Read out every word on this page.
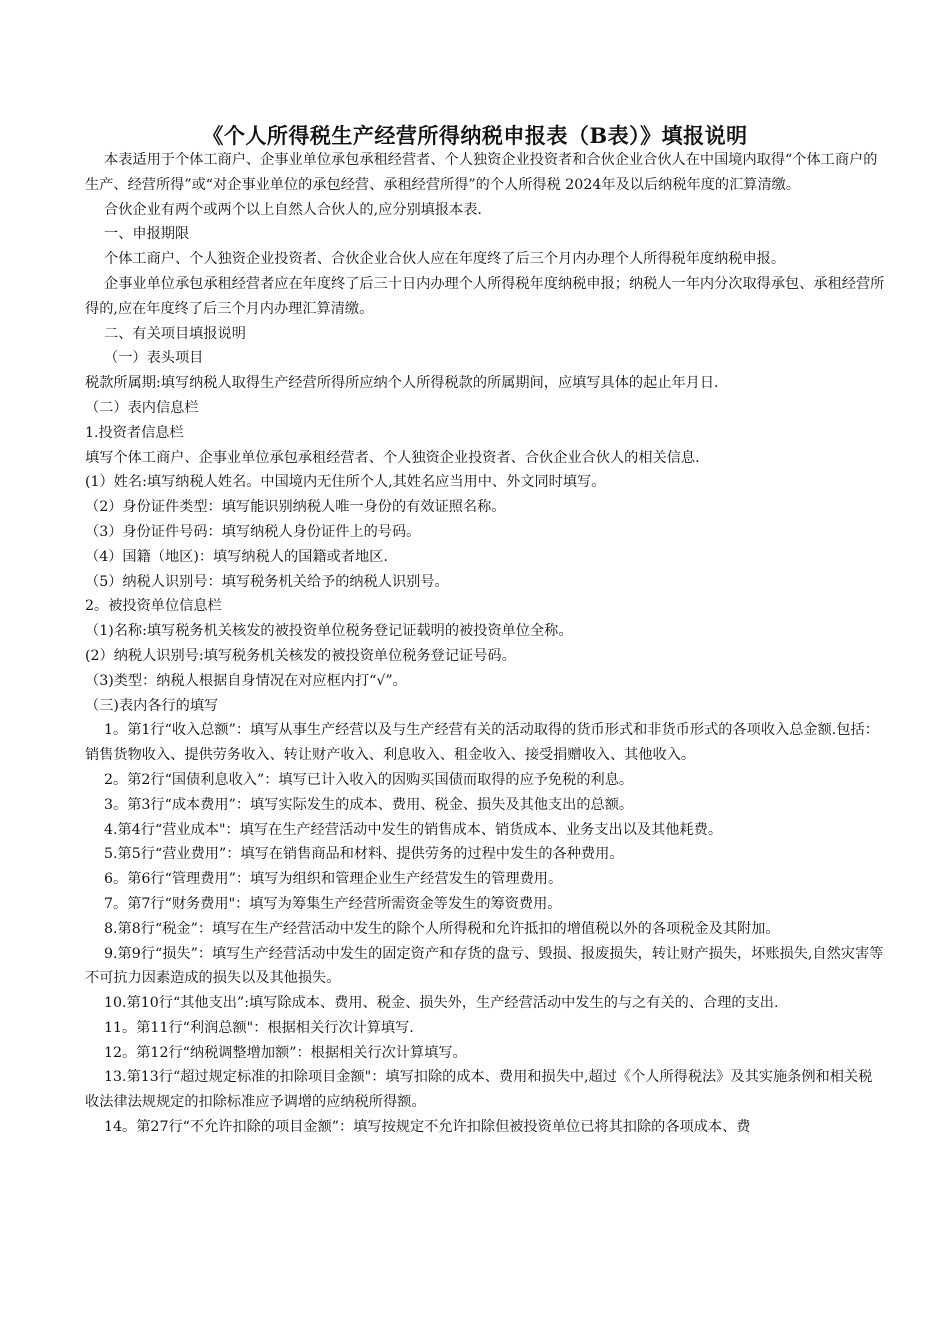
《个人所得税生产经营所得纳税申报表（B表）》填报说明

本表适用于个体工商户、企事业单位承包承租经营者、个人独资企业投资者和合伙企业合伙人在中国境内取得“个体工商户的生产、经营所得”或“对企事业单位的承包经营、承租经营所得”的个人所得税 2024年及以后纳税年度的汇算清缴。

合伙企业有两个或两个以上自然人合伙人的,应分别填报本表.

一、申报期限

个体工商户、个人独资企业投资者、合伙企业合伙人应在年度终了后三个月内办理个人所得税年度纳税申报。

企事业单位承包承租经营者应在年度终了后三十日内办理个人所得税年度纳税申报；纳税人一年内分次取得承包、承租经营所得的,应在年度终了后三个月内办理汇算清缴。

二、有关项目填报说明

（一）表头项目

税款所属期:填写纳税人取得生产经营所得所应纳个人所得税款的所属期间，应填写具体的起止年月日.

（二）表内信息栏

1.投资者信息栏

填写个体工商户、企事业单位承包承租经营者、个人独资企业投资者、合伙企业合伙人的相关信息.

(1）姓名:填写纳税人姓名。中国境内无住所个人,其姓名应当用中、外文同时填写。

（2）身份证件类型：填写能识别纳税人唯一身份的有效证照名称。

（3）身份证件号码：填写纳税人身份证件上的号码。

（4）国籍（地区)：填写纳税人的国籍或者地区.

（5）纳税人识别号：填写税务机关给予的纳税人识别号。

2。被投资单位信息栏

（1)名称:填写税务机关核发的被投资单位税务登记证载明的被投资单位全称。

(2）纳税人识别号:填写税务机关核发的被投资单位税务登记证号码。

（3)类型：纳税人根据自身情况在对应框内打“√”。

（三)表内各行的填写

1。第1行“收入总额”：填写从事生产经营以及与生产经营有关的活动取得的货币形式和非货币形式的各项收入总金额.包括：销售货物收入、提供劳务收入、转让财产收入、利息收入、租金收入、接受捐赠收入、其他收入。

2。第2行“国债利息收入”：填写已计入收入的因购买国债而取得的应予免税的利息。

3。第3行“成本费用”：填写实际发生的成本、费用、税金、损失及其他支出的总额。

4.第4行“营业成本"：填写在生产经营活动中发生的销售成本、销货成本、业务支出以及其他耗费。

5.第5行“营业费用”：填写在销售商品和材料、提供劳务的过程中发生的各种费用。

6。第6行“管理费用”：填写为组织和管理企业生产经营发生的管理费用。

7。第7行“财务费用"：填写为筹集生产经营所需资金等发生的筹资费用。

8.第8行“税金”：填写在生产经营活动中发生的除个人所得税和允许抵扣的增值税以外的各项税金及其附加。

9.第9行“损失”：填写生产经营活动中发生的固定资产和存货的盘亏、毁损、报废损失，转让财产损失，坏账损失,自然灾害等不可抗力因素造成的损失以及其他损失。

10.第10行“其他支出”:填写除成本、费用、税金、损失外，生产经营活动中发生的与之有关的、合理的支出.

11。第11行“利润总额"：根据相关行次计算填写.

12。第12行“纳税调整增加额”：根据相关行次计算填写。

13.第13行“超过规定标准的扣除项目金额"：填写扣除的成本、费用和损失中,超过《个人所得税法》及其实施条例和相关税收法律法规规定的扣除标准应予调增的应纳税所得额。

14。第27行“不允许扣除的项目金额”：填写按规定不允许扣除但被投资单位已将其扣除的各项成本、费
